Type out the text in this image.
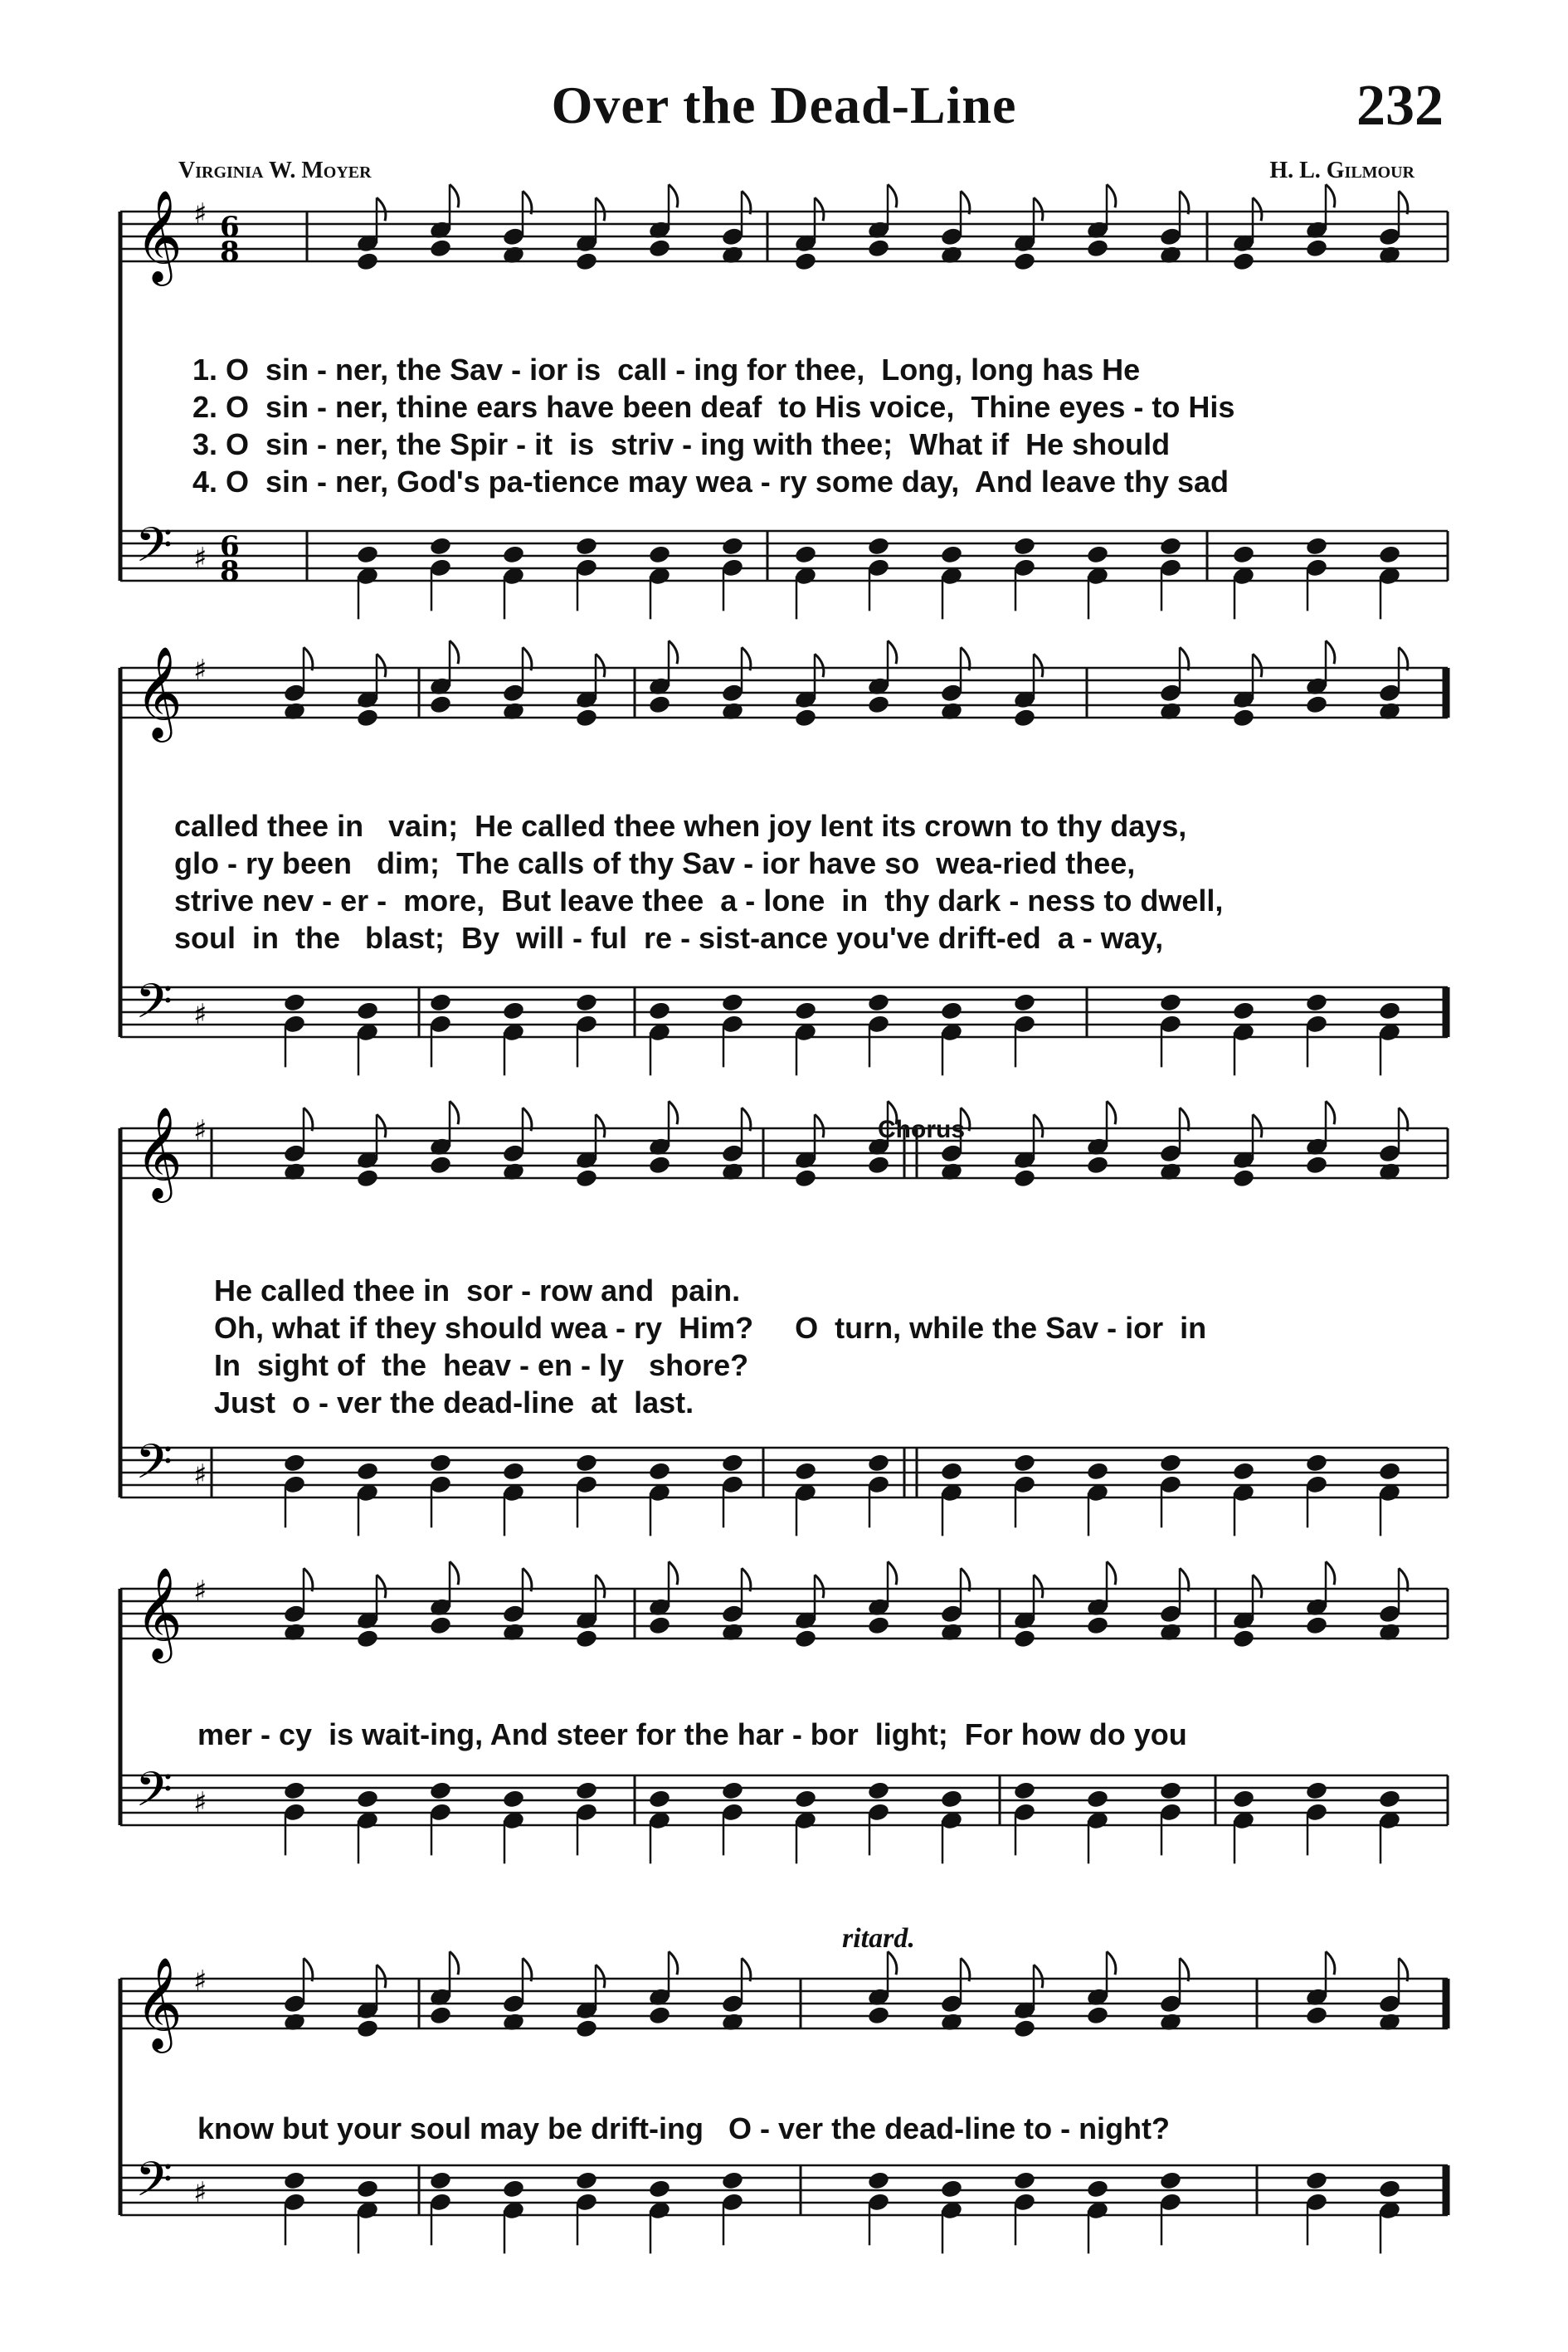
Over the Dead-Line	232
Virginia W. Moyer	H. L. Gilmour
𝄞 ♯ 6
8
𝄢 ♯ 6
8
𝄞 ♯
𝄢 ♯
𝄞 ♯
𝄢 ♯
𝄞 ♯
𝄢 ♯
𝄞 ♯
𝄢 ♯
1. O  sin - ner, the Sav - ior is  call - ing for thee,  Long, long has He
2. O  sin - ner, thine ears have been deaf  to His voice,  Thine eyes - to His
3. O  sin - ner, the Spir - it  is  striv - ing with thee;  What if  He should
4. O  sin - ner, God's pa-tience may wea - ry some day,  And leave thy sad
called thee in   vain;  He called thee when joy lent its crown to thy days,
glo - ry been   dim;  The calls of thy Sav - ior have so  wea-ried thee,
strive nev - er -  more,  But leave thee  a - lone  in  thy dark - ness to dwell,
soul  in  the   blast;  By  will - ful  re - sist-ance you've drift-ed  a - way,
Chorus
He called thee in  sor - row and  pain.
Oh, what if they should wea - ry  Him?     O  turn, while the Sav - ior  in
In  sight of  the  heav - en - ly   shore?
Just  o - ver the dead-line  at  last.
mer - cy  is wait-ing, And steer for the har - bor  light;  For how do you
ritard.
know but your soul may be drift-ing   O - ver the dead-line to - night?
